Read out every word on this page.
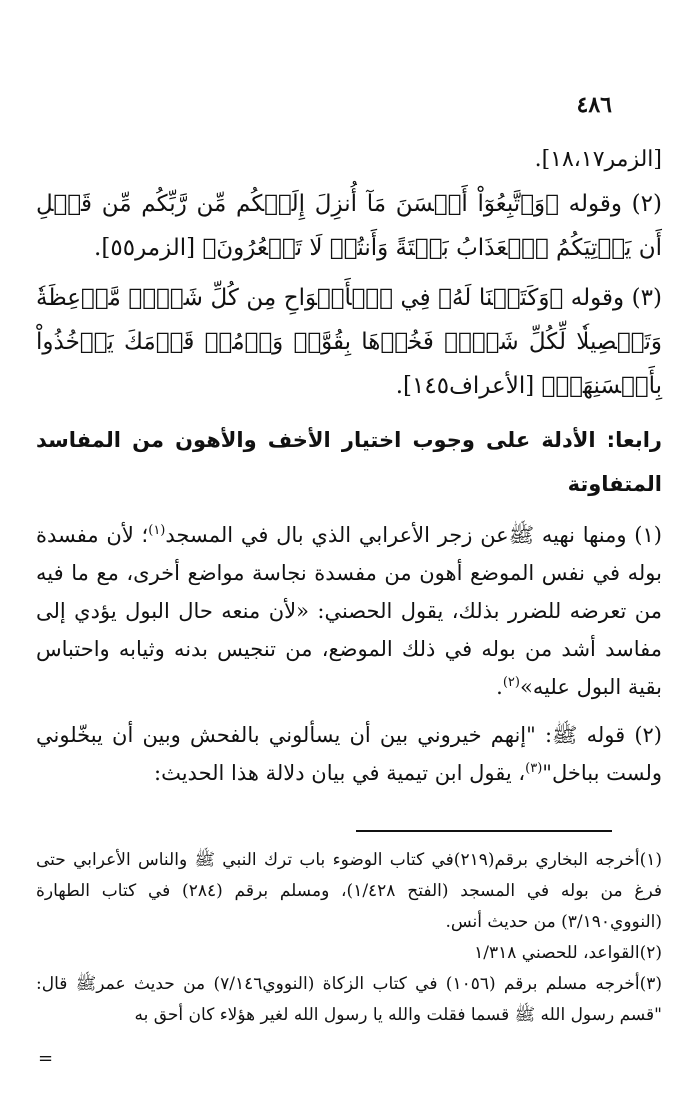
٤٨٦

[الزمر١٨،١٧].

(٢) وقوله ﴿وَٱتَّبِعُوٓاْ أَحۡسَنَ مَآ أُنزِلَ إِلَيۡكُم مِّن رَّبِّكُم مِّن قَبۡلِ أَن يَأۡتِيَكُمُ ٱلۡعَذَابُ بَغۡتَةً وَأَنتُمۡ لَا تَشۡعُرُونَ﴾ [الزمر٥٥].

(٣) وقوله ﴿وَكَتَبۡنَا لَهُۥ فِي ٱلۡأَلۡوَاحِ مِن كُلِّ شَيۡءٖ مَّوۡعِظَةٗ وَتَفۡصِيلٗا لِّكُلِّ شَيۡءٖ فَخُذۡهَا بِقُوَّةٖ وَأۡمُرۡ قَوۡمَكَ يَأۡخُذُواْ بِأَحۡسَنِهَاۚ﴾ [الأعراف١٤٥].

رابعا: الأدلة على وجوب اختيار الأخف والأهون من المفاسد المتفاوتة

(١) ومنها نهيه ﷺعن زجر الأعرابي الذي بال في المسجد$^{(١)}$؛ لأن مفسدة بوله في نفس الموضع أهون من مفسدة نجاسة مواضع أخرى، مع ما فيه من تعرضه للضرر بذلك، يقول الحصني: «لأن منعه حال البول يؤدي إلى مفاسد أشد من بوله في ذلك الموضع، من تنجيس بدنه وثيابه واحتباس بقية البول عليه»$^{(٢)}$.

(٢) قوله ﷺ: "إنهم خيروني بين أن يسألوني بالفحش وبين أن يبخّلوني ولست بباخل"$^{(٣)}$، يقول ابن تيمية في بيان دلالة هذا الحديث:

(١)أخرجه البخاري برقم(٢١٩)في كتاب الوضوء باب ترك النبي ﷺ والناس الأعرابي حتى فرغ من بوله في المسجد (الفتح ١/٤٢٨)، ومسلم برقم (٢٨٤) في كتاب الطهارة (النووي٣/١٩٠) من حديث أنس.

(٢)القواعد، للحصني ١/٣١٨

(٣)أخرجه مسلم برقم (١٠٥٦) في كتاب الزكاة (النووي٧/١٤٦) من حديث عمرﷺ قال: "قسم رسول الله ﷺ قسما فقلت والله يا رسول الله لغير هؤلاء كان أحق به

=
